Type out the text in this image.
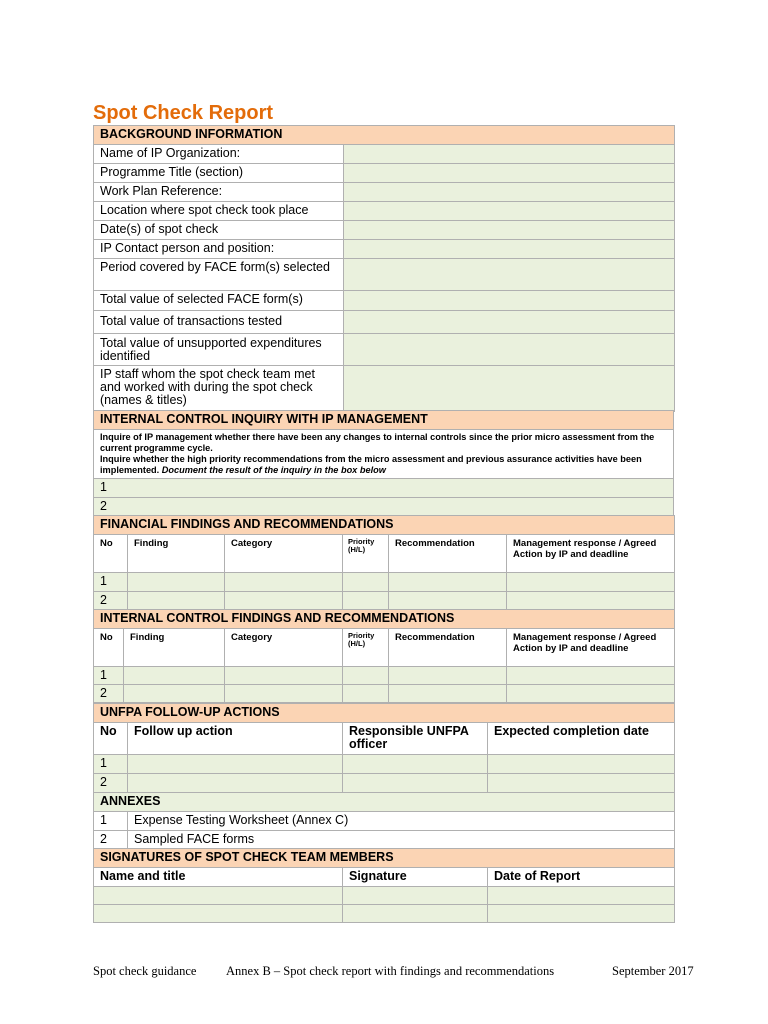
Spot Check Report
BACKGROUND INFORMATION	
Name of IP Organization:	
Programme Title (section)	
Work Plan Reference:	
Location where spot check took place	
Date(s) of spot check	
IP Contact person and position:	
Period covered by FACE form(s) selected	
Total value of selected FACE form(s)	
Total value of transactions tested	
Total value of unsupported expenditures identified	
IP staff whom the spot check team met and worked with during the spot check (names & titles)	
INTERNAL CONTROL INQUIRY WITH IP MANAGEMENT
Inquire of IP management whether there have been any changes to internal controls since the prior micro assessment from the current programme cycle.
Inquire whether the high priority recommendations from the micro assessment and previous assurance activities have been implemented. Document the result of the inquiry in the box below
1
2
FINANCIAL FINDINGS AND RECOMMENDATIONS					
No	Finding	Category	Priority (H/L)	Recommendation	Management response / Agreed Action by IP and deadline
1					
2					
INTERNAL CONTROL FINDINGS AND RECOMMENDATIONS					
No	Finding	Category	Priority (H/L)	Recommendation	Management response / Agreed Action by IP and deadline
1					
2					
UNFPA FOLLOW-UP ACTIONS			
No	Follow up action	Responsible UNFPA officer	Expected completion date
1			
2			
ANNEXES	
1	Expense Testing Worksheet (Annex C)
2	Sampled FACE forms
SIGNATURES OF SPOT CHECK TEAM MEMBERS		
Name and title	Signature	Date of Report

Spot check guidance Annex B – Spot check report with findings and recommendations	September 2017
